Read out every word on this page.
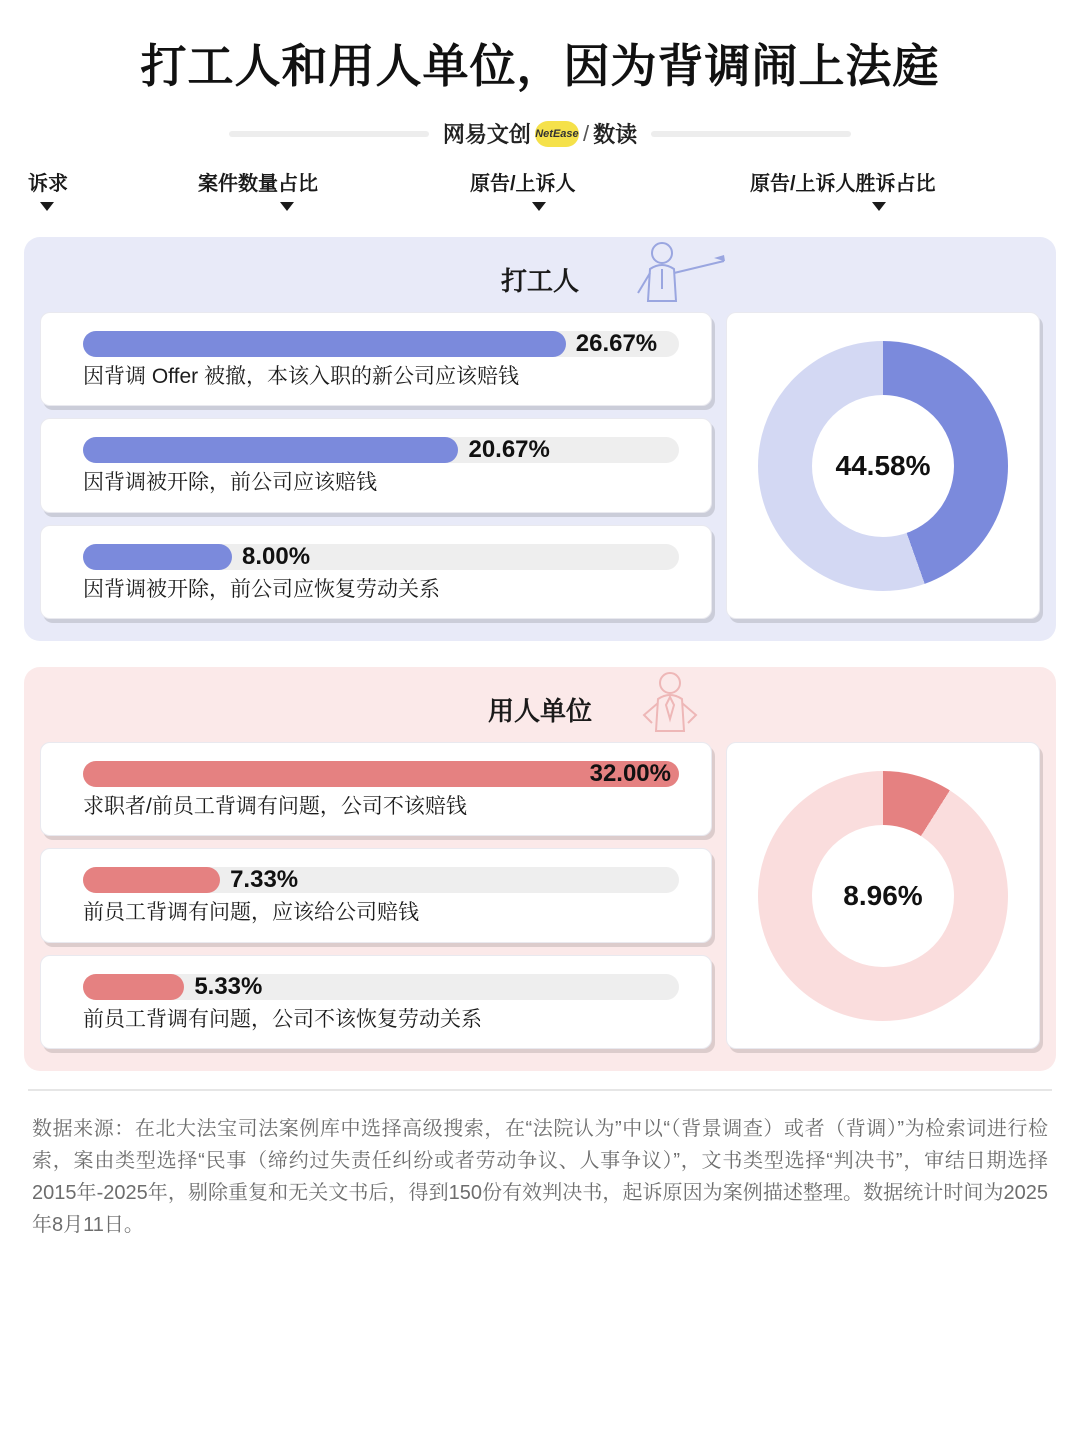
打工人和用人单位，因为背调闹上法庭
网易文创 NetEase / 数读
诉求	案件数量占比	原告/上诉人	原告/上诉人胜诉占比
打工人
26.67%
因背调 Offer 被撤，本该入职的新公司应该赔钱
20.67%
因背调被开除，前公司应该赔钱
8.00%
因背调被开除，前公司应恢复劳动关系
44.58%
用人单位
32.00%
求职者/前员工背调有问题，公司不该赔钱
7.33%
前员工背调有问题，应该给公司赔钱
5.33%
前员工背调有问题，公司不该恢复劳动关系
8.96%
数据来源：在北大法宝司法案例库中选择高级搜索，在“法院认为”中以“（背景调查）或者（背调）”为检索词进行检索，案由类型选择“民事（缔约过失责任纠纷或者劳动争议、人事争议）”，文书类型选择“判决书”，审结日期选择2015年-2025年，剔除重复和无关文书后，得到150份有效判决书，起诉原因为案例描述整理。数据统计时间为2025年8月11日。
